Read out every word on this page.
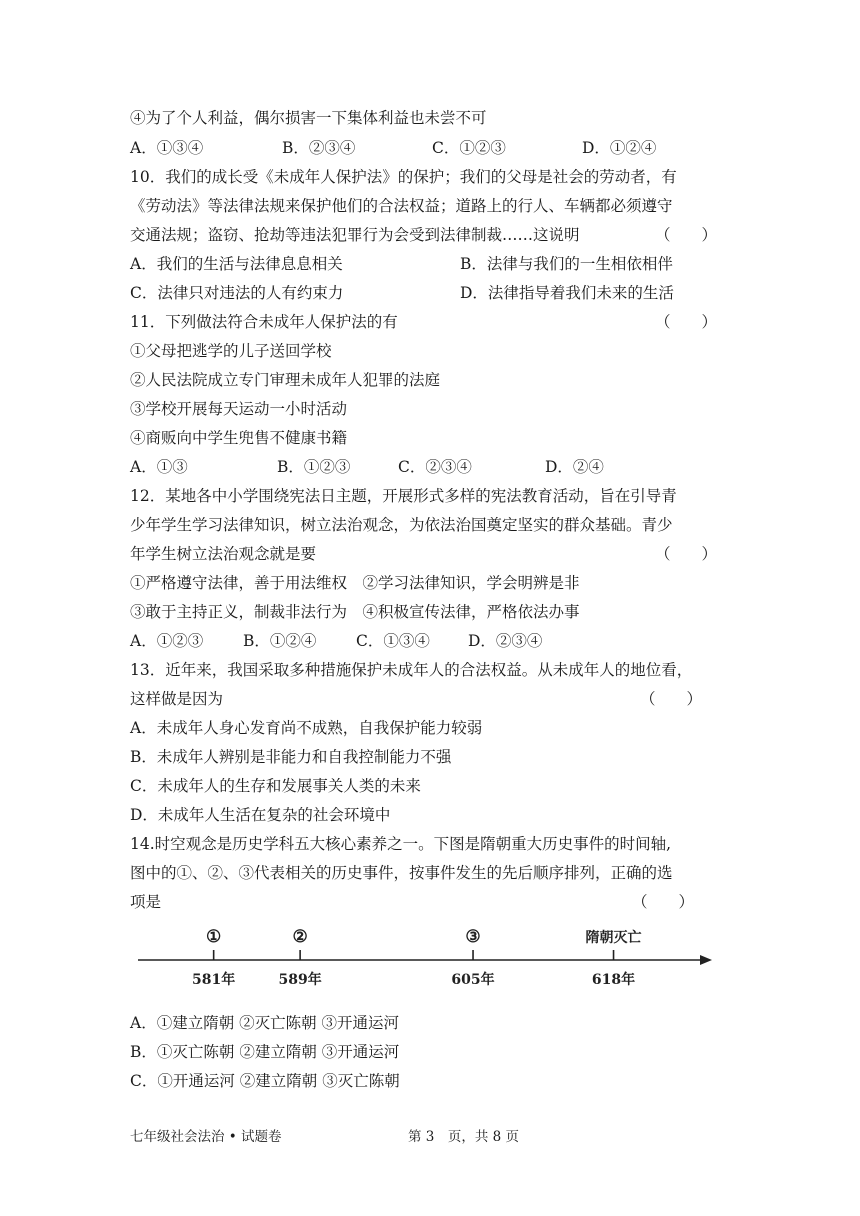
④为了个人利益，偶尔损害一下集体利益也未尝不可
A．①③④	B．②③④	C．①②③	D．①②④
10．我们的成长受《未成年人保护法》的保护；我们的父母是社会的劳动者，有
《劳动法》等法律法规来保护他们的合法权益；道路上的行人、车辆都必须遵守
交通法规；盗窃、抢劫等违法犯罪行为会受到法律制裁……这说明	（　　）
A．我们的生活与法律息息相关	B．法律与我们的一生相依相伴
C．法律只对违法的人有约束力	D．法律指导着我们未来的生活
11．下列做法符合未成年人保护法的有	（　　）
①父母把逃学的儿子送回学校
②人民法院成立专门审理未成年人犯罪的法庭
③学校开展每天运动一小时活动
④商贩向中学生兜售不健康书籍
A．①③	B．①②③	C．②③④	D．②④
12．某地各中小学围绕宪法日主题，开展形式多样的宪法教育活动，旨在引导青
少年学生学习法律知识，树立法治观念，为依法治国奠定坚实的群众基础。青少
年学生树立法治观念就是要	（　　）
①严格遵守法律，善于用法维权　②学习法律知识，学会明辨是非
③敢于主持正义，制裁非法行为　④积极宣传法律，严格依法办事
A．①②③	B．①②④	C．①③④ D．②③④
13．近年来，我国采取多种措施保护未成年人的合法权益。从未成年人的地位看，
这样做是因为	（　　）
A．未成年人身心发育尚不成熟，自我保护能力较弱
B．未成年人辨别是非能力和自我控制能力不强
C．未成年人的生存和发展事关人类的未来
D．未成年人生活在复杂的社会环境中
14.时空观念是历史学科五大核心素养之一。下图是隋朝重大历史事件的时间轴,
图中的①、②、③代表相关的历史事件，按事件发生的先后顺序排列，正确的选
项是	（　　）
①
581年
②
589年
③
605年
隋朝灭亡
618年
A．①建立隋朝 ②灭亡陈朝 ③开通运河
B．①灭亡陈朝 ②建立隋朝 ③开通运河
C．①开通运河 ②建立隋朝 ③灭亡陈朝
七年级社会法治 • 试题卷	第 3　页，共 8 页
